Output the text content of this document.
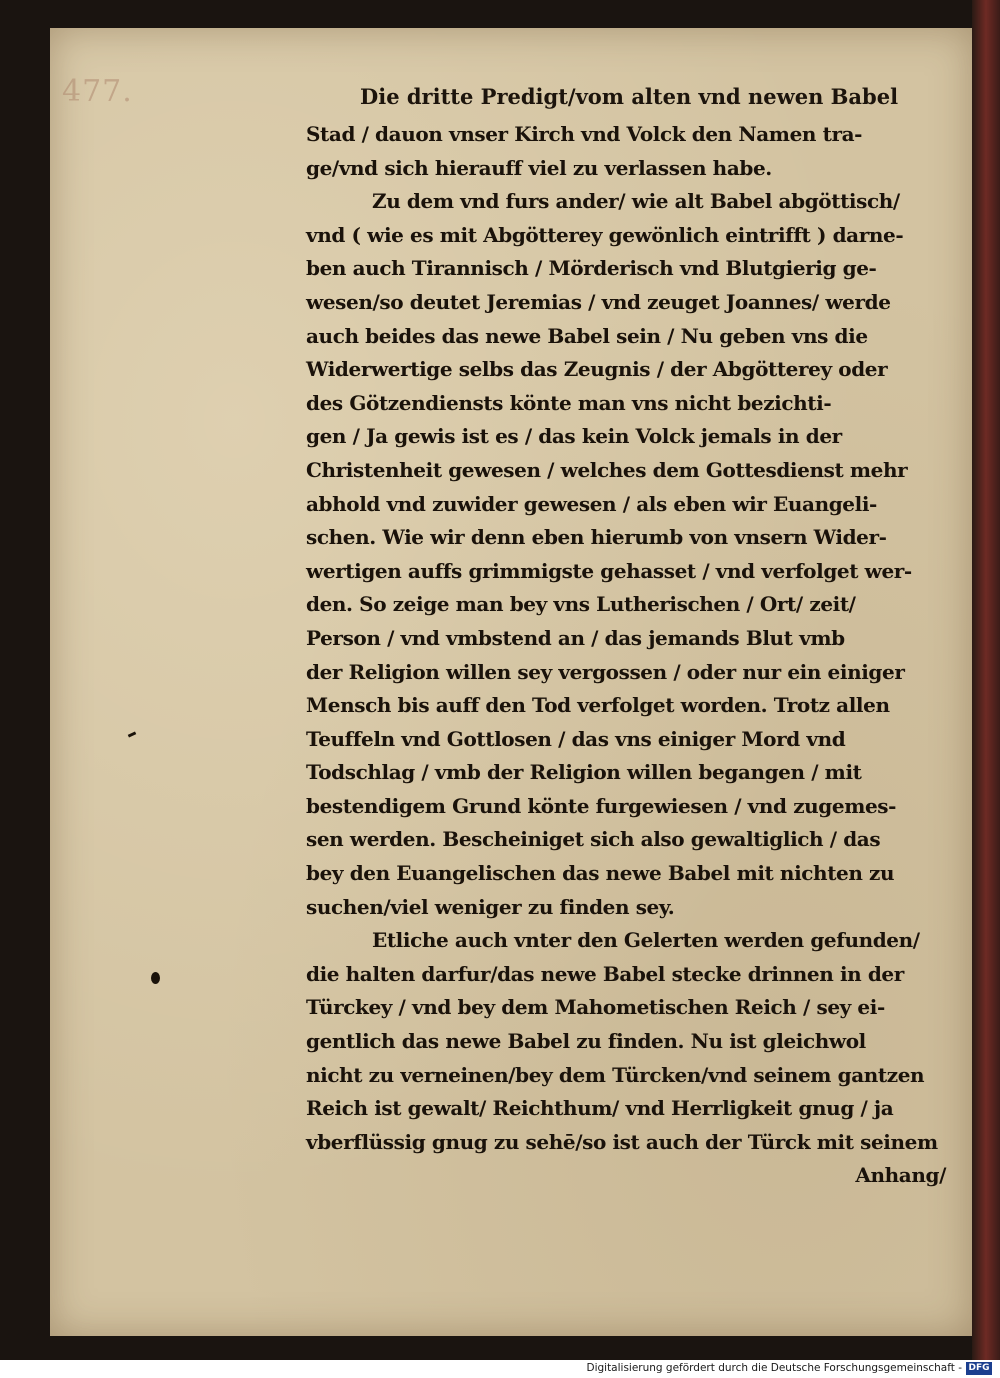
477.	Die dritte Predigt/vom alten vnd newen Babel
Stad / dauon vnser Kirch vnd Volck den Namen tra-
ge/vnd sich hierauff viel zu verlassen habe.
Zu dem vnd furs ander/ wie alt Babel abgöttisch/
vnd ( wie es mit Abgötterey gewönlich eintrifft ) darne-
ben auch Tirannisch / Mörderisch vnd Blutgierig ge-
wesen/so deutet Jeremias / vnd zeuget Joannes/ werde
auch beides das newe Babel sein / Nu geben vns die
Widerwertige selbs das Zeugnis / der Abgötterey oder
des Götzendiensts könte man vns nicht bezichti-
gen / Ja gewis ist es / das kein Volck jemals in der
Christenheit gewesen / welches dem Gottesdienst mehr
abhold vnd zuwider gewesen / als eben wir Euangeli-
schen. Wie wir denn eben hierumb von vnsern Wider-
wertigen auffs grimmigste gehasset / vnd verfolget wer-
den. So zeige man bey vns Lutherischen / Ort/ zeit/
Person / vnd vmbstend an / das jemands Blut vmb
der Religion willen sey vergossen / oder nur ein einiger
Mensch bis auff den Tod verfolget worden. Trotz allen
Teuffeln vnd Gottlosen / das vns einiger Mord vnd
Todschlag / vmb der Religion willen begangen / mit
bestendigem Grund könte furgewiesen / vnd zugemes-
sen werden. Bescheiniget sich also gewaltiglich / das
bey den Euangelischen das newe Babel mit nichten zu
suchen/viel weniger zu finden sey.
Etliche auch vnter den Gelerten werden gefunden/
die halten darfur/das newe Babel stecke drinnen in der
Türckey / vnd bey dem Mahometischen Reich / sey ei-
gentlich das newe Babel zu finden. Nu ist gleichwol
nicht zu verneinen/bey dem Türcken/vnd seinem gantzen
Reich ist gewalt/ Reichthum/ vnd Herrligkeit gnug / ja
vberflüssig gnug zu sehē/so ist auch der Türck mit seinem
Anhang/
Digitalisierung gefördert durch die Deutsche Forschungsgemeinschaft - DFG
